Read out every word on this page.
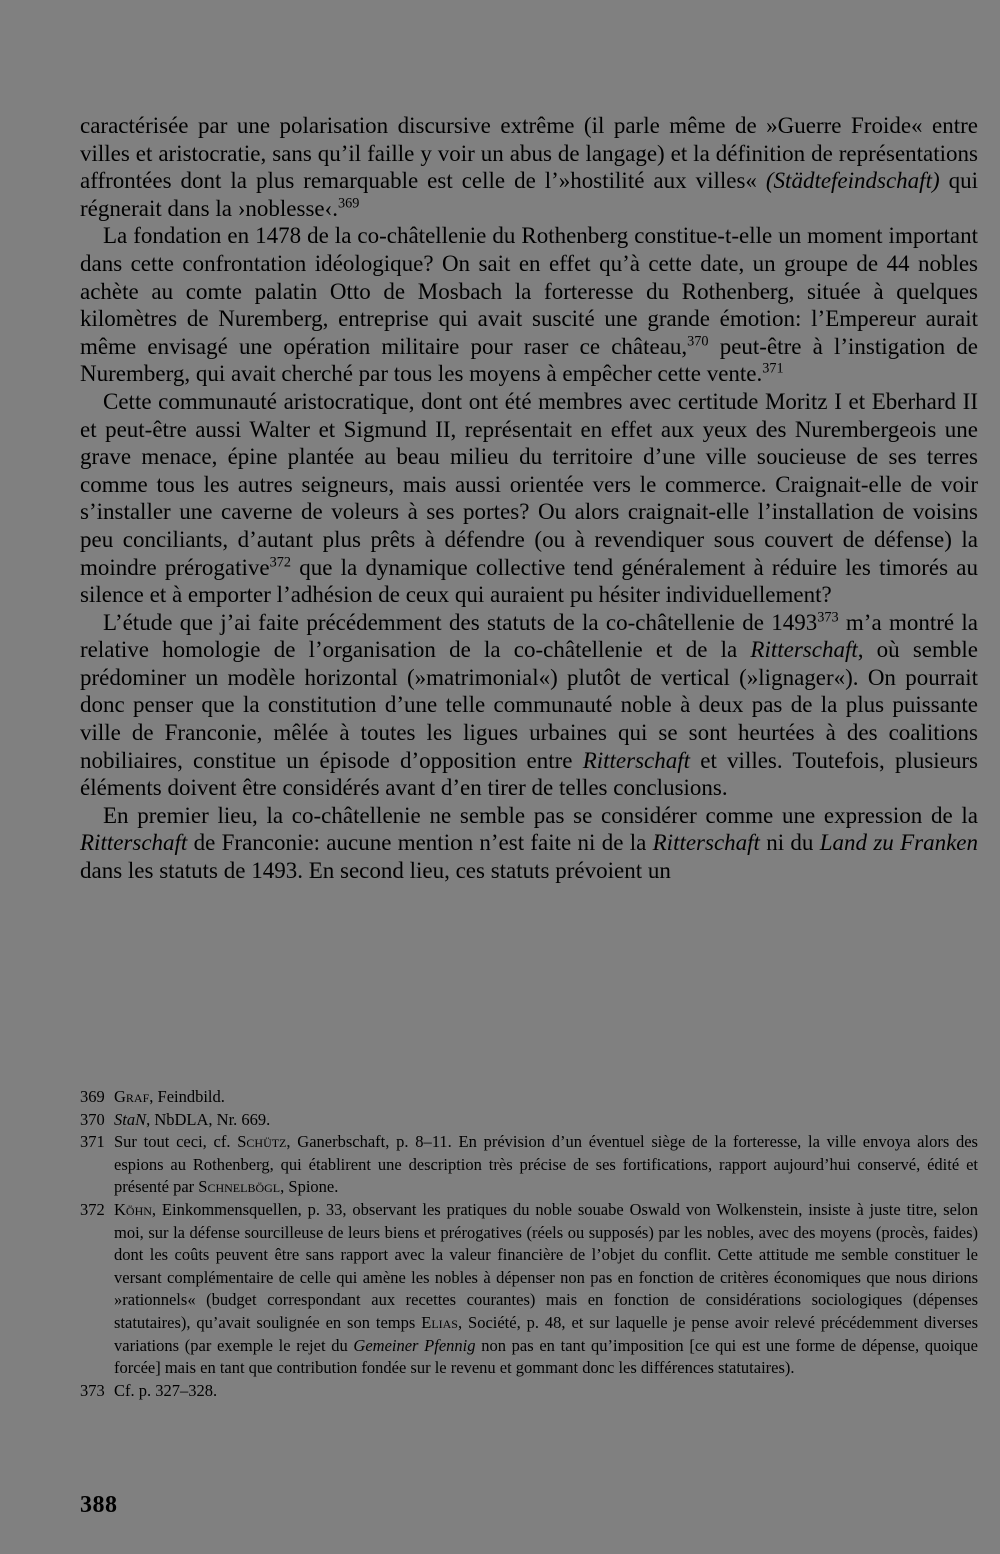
caractérisée par une polarisation discursive extrême (il parle même de »Guerre Froide« entre villes et aristocratie, sans qu’il faille y voir un abus de langage) et la définition de représentations affrontées dont la plus remarquable est celle de l’»hostilité aux villes« (Städtefeindschaft) qui régnerait dans la ›noblesse‹.$^{369}$

La fondation en 1478 de la co-châtellenie du Rothenberg constitue-t-elle un moment important dans cette confrontation idéologique? On sait en effet qu’à cette date, un groupe de 44 nobles achète au comte palatin Otto de Mosbach la forteresse du Rothenberg, située à quelques kilomètres de Nuremberg, entreprise qui avait suscité une grande émotion: l’Empereur aurait même envisagé une opération militaire pour raser ce château,$^{370}$ peut-être à l’instigation de Nuremberg, qui avait cherché par tous les moyens à empêcher cette vente.$^{371}$

Cette communauté aristocratique, dont ont été membres avec certitude Moritz I et Eberhard II et peut-être aussi Walter et Sigmund II, représentait en effet aux yeux des Nurembergeois une grave menace, épine plantée au beau milieu du territoire d’une ville soucieuse de ses terres comme tous les autres seigneurs, mais aussi orientée vers le commerce. Craignait-elle de voir s’installer une caverne de voleurs à ses portes? Ou alors craignait-elle l’installation de voisins peu conciliants, d’autant plus prêts à défendre (ou à revendiquer sous couvert de défense) la moindre prérogative$^{372}$ que la dynamique collective tend généralement à réduire les timorés au silence et à emporter l’adhésion de ceux qui auraient pu hésiter individuellement?

L’étude que j’ai faite précédemment des statuts de la co-châtellenie de 1493$^{373}$ m’a montré la relative homologie de l’organisation de la co-châtellenie et de la Ritterschaft, où semble prédominer un modèle horizontal (»matrimonial«) plutôt de vertical (»lignager«). On pourrait donc penser que la constitution d’une telle communauté noble à deux pas de la plus puissante ville de Franconie, mêlée à toutes les ligues urbaines qui se sont heurtées à des coalitions nobiliaires, constitue un épisode d’opposition entre Ritterschaft et villes. Toutefois, plusieurs éléments doivent être considérés avant d’en tirer de telles conclusions.

En premier lieu, la co-châtellenie ne semble pas se considérer comme une expression de la Ritterschaft de Franconie: aucune mention n’est faite ni de la Ritterschaft ni du Land zu Franken dans les statuts de 1493. En second lieu, ces statuts prévoient un

369 Graf, Feindbild.

370 StaN, NbDLA, Nr. 669.

371 Sur tout ceci, cf. Schütz, Ganerbschaft, p. 8–11. En prévision d’un éventuel siège de la forteresse, la ville envoya alors des espions au Rothenberg, qui établirent une description très précise de ses fortifications, rapport aujourd’hui conservé, édité et présenté par Schnelbögl, Spione.

372 Köhn, Einkommensquellen, p. 33, observant les pratiques du noble souabe Oswald von Wolkenstein, insiste à juste titre, selon moi, sur la défense sourcilleuse de leurs biens et prérogatives (réels ou supposés) par les nobles, avec des moyens (procès, faides) dont les coûts peuvent être sans rapport avec la valeur financière de l’objet du conflit. Cette attitude me semble constituer le versant complémentaire de celle qui amène les nobles à dépenser non pas en fonction de critères économiques que nous dirions »rationnels« (budget correspondant aux recettes courantes) mais en fonction de considérations sociologiques (dépenses statutaires), qu’avait soulignée en son temps Elias, Société, p. 48, et sur laquelle je pense avoir relevé précédemment diverses variations (par exemple le rejet du Gemeiner Pfennig non pas en tant qu’imposition [ce qui est une forme de dépense, quoique forcée] mais en tant que contribution fondée sur le revenu et gommant donc les différences statutaires).

373 Cf. p. 327–328.

388
